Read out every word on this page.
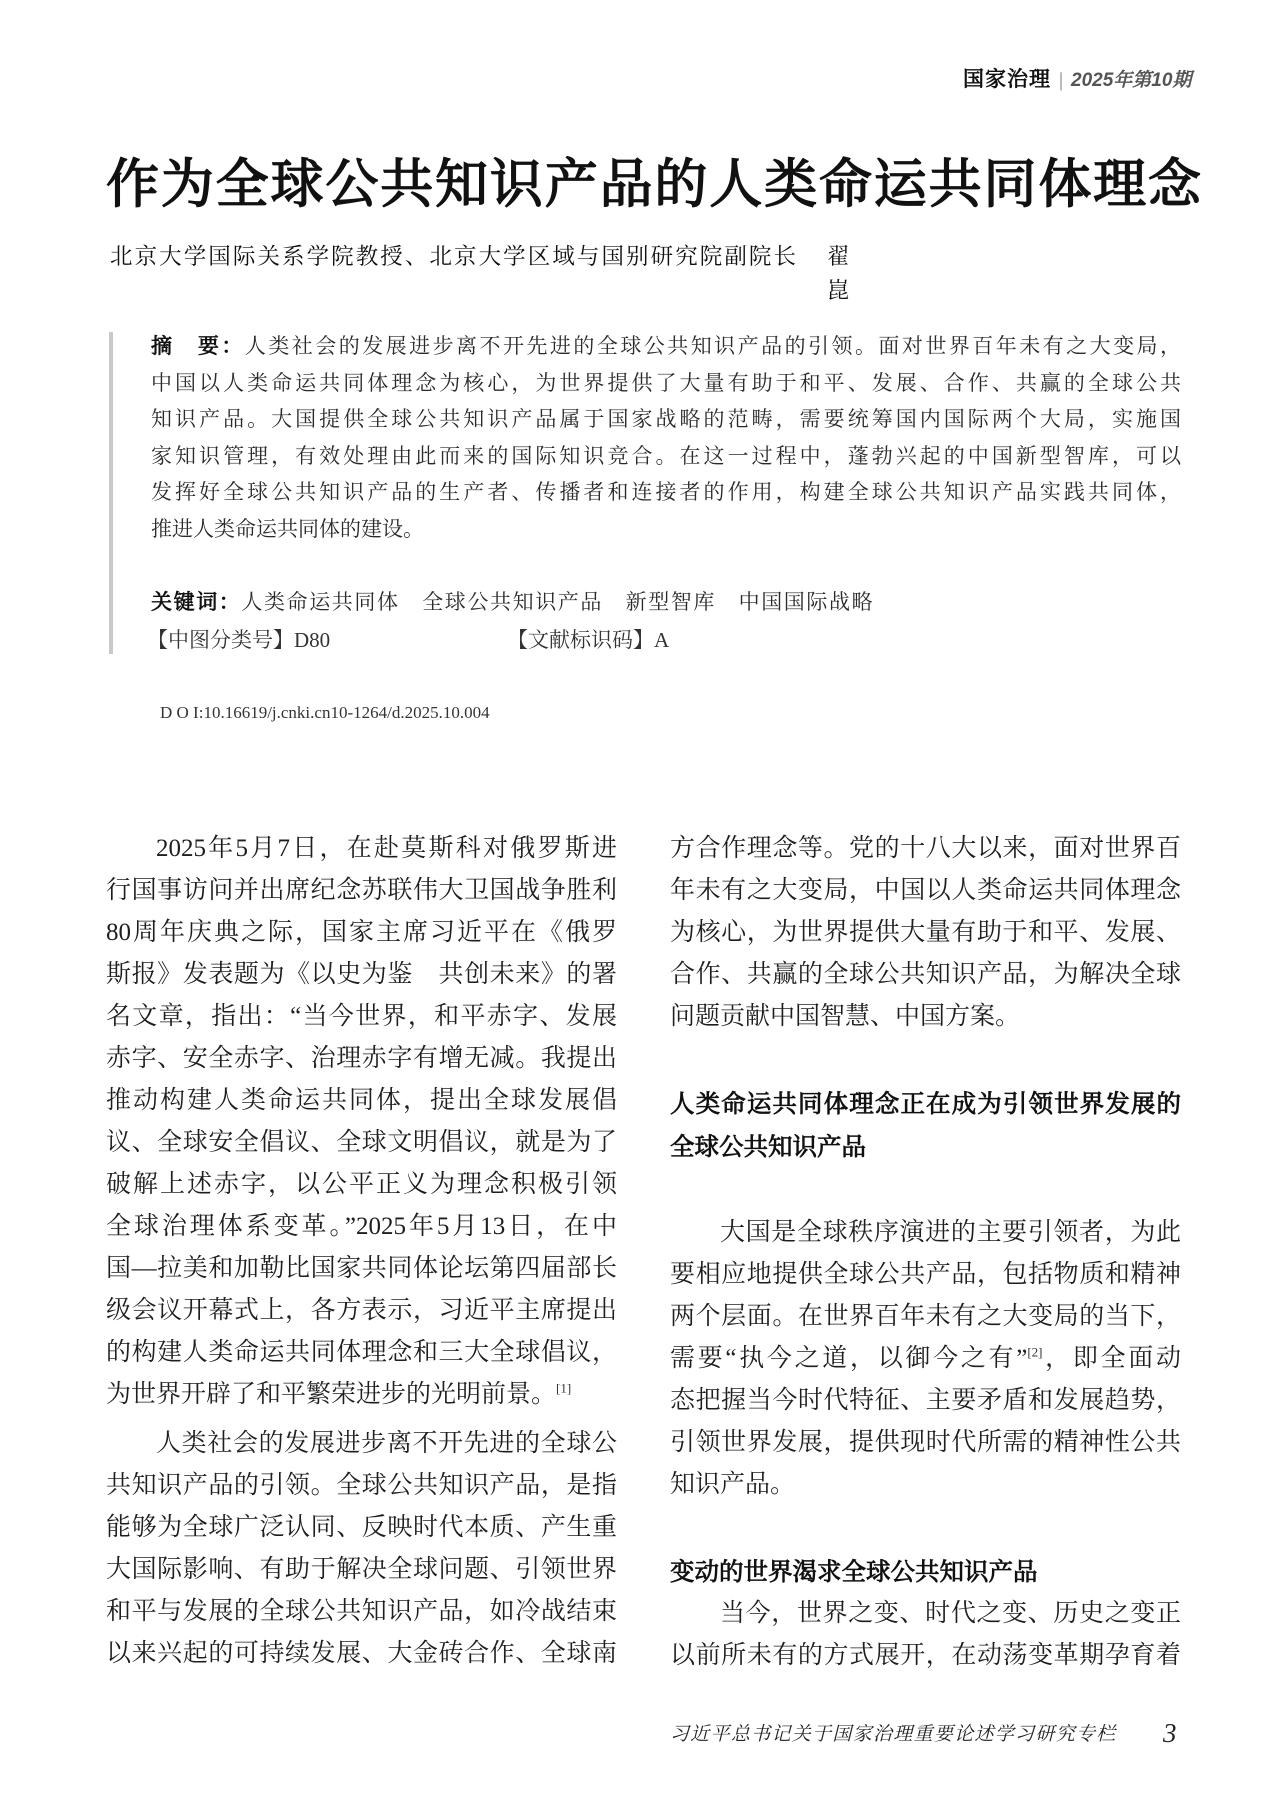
国家治理 | 2025年第10期
作为全球公共知识产品的人类命运共同体理念
北京大学国际关系学院教授、北京大学区域与国别研究院副院长 翟　崑
摘　要：人类社会的发展进步离不开先进的全球公共知识产品的引领。面对世界百年未有之大变局，
中国以人类命运共同体理念为核心，为世界提供了大量有助于和平、发展、合作、共赢的全球公共
知识产品。大国提供全球公共知识产品属于国家战略的范畴，需要统筹国内国际两个大局，实施国
家知识管理，有效处理由此而来的国际知识竞合。在这一过程中，蓬勃兴起的中国新型智库，可以
发挥好全球公共知识产品的生产者、传播者和连接者的作用，构建全球公共知识产品实践共同体，
推进人类命运共同体的建设。
关键词：人类命运共同体　全球公共知识产品　新型智库　中国国际战略
【中图分类号】D80	【文献标识码】A
D O I:10.16619/j.cnki.cn10-1264/d.2025.10.004
2025年5月7日，在赴莫斯科对俄罗斯进
行国事访问并出席纪念苏联伟大卫国战争胜利
80周年庆典之际，国家主席习近平在《俄罗
斯报》发表题为《以史为鉴　共创未来》的署
名文章，指出：“当今世界，和平赤字、发展
赤字、安全赤字、治理赤字有增无减。我提出
推动构建人类命运共同体，提出全球发展倡
议、全球安全倡议、全球文明倡议，就是为了
破解上述赤字，以公平正义为理念积极引领
全球治理体系变革。”2025年5月13日，在中
国—拉美和加勒比国家共同体论坛第四届部长
级会议开幕式上，各方表示，习近平主席提出
的构建人类命运共同体理念和三大全球倡议，
为世界开辟了和平繁荣进步的光明前景。[1]
人类社会的发展进步离不开先进的全球公
共知识产品的引领。全球公共知识产品，是指
能够为全球广泛认同、反映时代本质、产生重
大国际影响、有助于解决全球问题、引领世界
和平与发展的全球公共知识产品，如冷战结束
以来兴起的可持续发展、大金砖合作、全球南
方合作理念等。党的十八大以来，面对世界百
年未有之大变局，中国以人类命运共同体理念
为核心，为世界提供大量有助于和平、发展、
合作、共赢的全球公共知识产品，为解决全球
问题贡献中国智慧、中国方案。
人类命运共同体理念正在成为引领世界发展的
全球公共知识产品
大国是全球秩序演进的主要引领者，为此
要相应地提供全球公共产品，包括物质和精神
两个层面。在世界百年未有之大变局的当下，
需要“执今之道，以御今之有”[2]，即全面动
态把握当今时代特征、主要矛盾和发展趋势，
引领世界发展，提供现时代所需的精神性公共
知识产品。
变动的世界渴求全球公共知识产品
当今，世界之变、时代之变、历史之变正
以前所未有的方式展开，在动荡变革期孕育着
习近平总书记关于国家治理重要论述学习研究专栏 3
